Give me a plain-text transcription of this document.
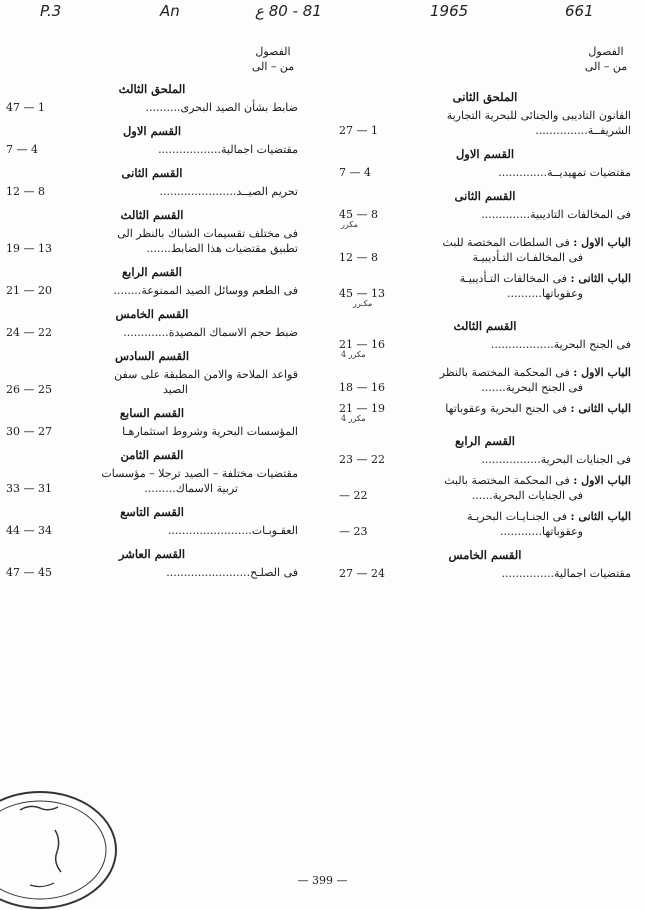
P.3	An	81 - 80 ع	1965	661
الفصول
من – الى
الملحق الثانى
القانون التاديبى والجنائى للبحرية التجارية
الشريفــة...............
27 — 1
القسم الاول
مقتضيات تمهيديــة..............
7 — 4
القسم الثانى
فى المخالفات التاديبية..............
45 — 8
مكرر
الباب الاول : فى السلطات المختصة للبث
فى المخالفـات التـأديبيـة
12 — 8
الباب الثانى : فى المخالفات التـأديبيـة
وعقوباتها..........
45 — 13
مكـرر
القسم الثالث
فى الجنح البحرية..................
21 — 16
مكرر 4
الباب الاول : فى المحكمة المختصة بالنظر
فى الجنح البحرية.......
18 — 16
الباب الثانى : فى الجنح البحرية وعقوباتها
21 — 19
مكرر 4
القسم الرابع
فى الجنايات البحرية.................
23 — 22
الباب الاول : فى المحكمة المختصة بالبث
فى الجنايات البحرية......
— 22
الباب الثانى : فى الجنـايـات البحريـة
وعقوباتها............
— 23
القسم الخامس
مقتضيات اجمالية...............
27 — 24
الفصول
من – الى
الملحق الثالث
ضابط بشأن الصيد البحرى..........
47 — 1
القسم الاول
مقتضيات اجمالية..................
7 — 4
القسم الثانى
تحريم الصيــد......................
12 — 8
القسم الثالث
فى مختلف تقسيمات الشباك بالنظر الى
تطبيق مقتضيات هذا الضابط.......
19 — 13
القسم الرابع
فى الطعم ووسائل الصيد الممنوعة........
21 — 20
القسم الخامس
ضبط حجم الاسماك المصيدة.............
24 — 22
القسم السادس
قواعد الملاحة والامن المطبقة على سفن
الصيد
26 — 25
القسم السابع
المؤسسات البحرية وشروط استثمارهـا
30 — 27
القسم الثامن
مقتضيات مختلفة – الصيد ترجلا – مؤسسات
تربية الاسماك.........
33 — 31
القسم التاسع
العقـوبـات........................
44 — 34
القسم العاشر
فى الصلـح........................
47 — 45
— 399 —
